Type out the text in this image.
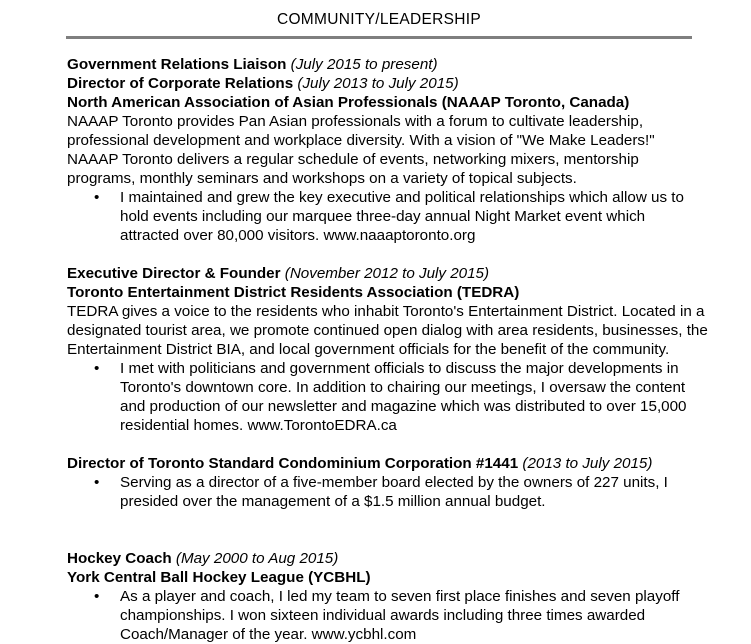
COMMUNITY/LEADERSHIP
Government Relations Liaison (July 2015 to present)
Director of Corporate Relations (July 2013 to July 2015)
North American Association of Asian Professionals (NAAAP Toronto, Canada)
NAAAP Toronto provides Pan Asian professionals with a forum to cultivate leadership,
professional development and workplace diversity. With a vision of "We Make Leaders!"
NAAAP Toronto delivers a regular schedule of events, networking mixers, mentorship
programs, monthly seminars and workshops on a variety of topical subjects.
• I maintained and grew the key executive and political relationships which allow us to
hold events including our marquee three-day annual Night Market event which
attracted over 80,000 visitors. www.naaaptoronto.org
Executive Director & Founder (November 2012 to July 2015)
Toronto Entertainment District Residents Association (TEDRA)
TEDRA gives a voice to the residents who inhabit Toronto's Entertainment District. Located in a
designated tourist area, we promote continued open dialog with area residents, businesses, the
Entertainment District BIA, and local government officials for the benefit of the community.
• I met with politicians and government officials to discuss the major developments in
Toronto's downtown core. In addition to chairing our meetings, I oversaw the content
and production of our newsletter and magazine which was distributed to over 15,000
residential homes. www.TorontoEDRA.ca
Director of Toronto Standard Condominium Corporation #1441 (2013 to July 2015)
• Serving as a director of a five-member board elected by the owners of 227 units, I
presided over the management of a $1.5 million annual budget.
Hockey Coach (May 2000 to Aug 2015)
York Central Ball Hockey League (YCBHL)
• As a player and coach, I led my team to seven first place finishes and seven playoff
championships. I won sixteen individual awards including three times awarded
Coach/Manager of the year. www.ycbhl.com
